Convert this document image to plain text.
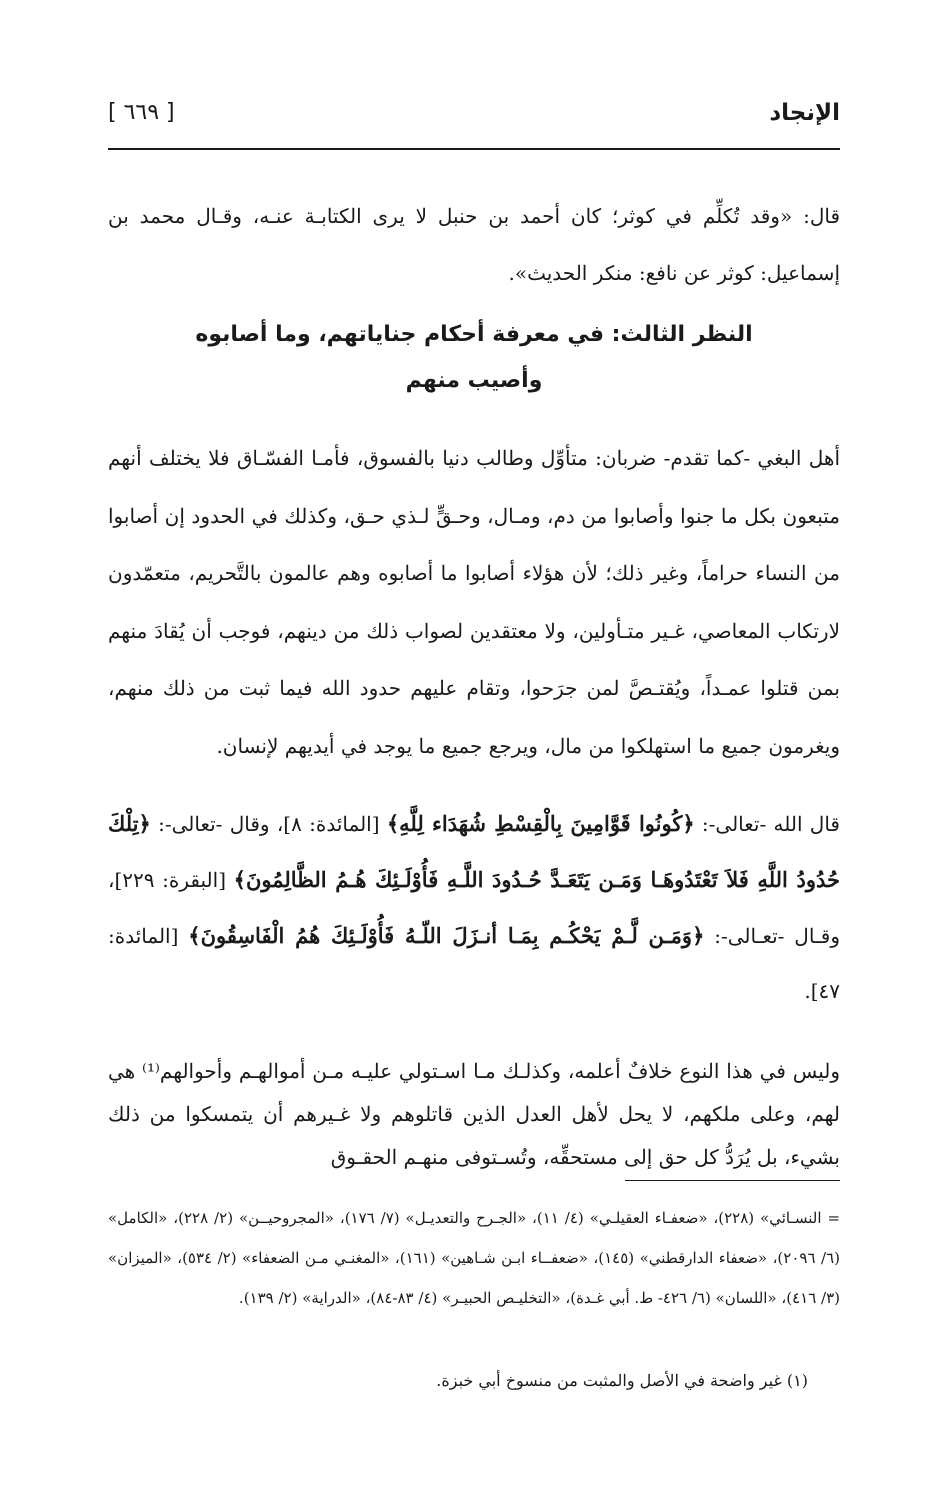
الإنجاد
[ ٦٦٩ ]
قال: «وقد تُكلِّم في كوثر؛ كان أحمد بن حنبل لا يرى الكتابـة عنـه، وقـال محمد بن إسماعيل: كوثر عن نافع: منكر الحديث».
النظر الثالث: في معرفة أحكام جناياتهم، وما أصابوه
وأصيب منهم
أهل البغي -كما تقدم- ضربان: متأوِّل وطالب دنيا بالفسوق، فأمـا الفسّـاق فلا يختلف أنهم متبعون بكل ما جنوا وأصابوا من دم، ومـال، وحـقٍّ لـذي حـق، وكذلك في الحدود إن أصابوا من النساء حراماً، وغير ذلك؛ لأن هؤلاء أصابوا ما أصابوه وهم عالمون بالتَّحريم، متعمّدون لارتكاب المعاصي، غـير متـأولين، ولا معتقدين لصواب ذلك من دينهم، فوجب أن يُقادَ منهم بمن قتلوا عمـداً، ويُقتـصَّ لمن جرَحوا، وتقام عليهم حدود الله فيما ثبت من ذلك منهم، ويغرمون جميع ما استهلكوا من مال، ويرجع جميع ما يوجد في أيديهم لإنسان.
قال الله -تعالى-: ﴿كُونُوا قَوَّامِينَ بِالْقِسْطِ شُهَدَاء لِلَّهِ﴾ [المائدة: ٨]، وقال -تعالى-: ﴿تِلْكَ حُدُودُ اللَّهِ فَلاَ تَعْتَدُوهَـا وَمَـن يَتَعَـدَّ حُـدُودَ اللَّـهِ فَأُوْلَـئِكَ هُـمُ الظَّالِمُونَ﴾ [البقرة: ٢٢٩]، وقـال -تعـالى-: ﴿وَمَـن لَّـمْ يَحْكُـم بِمَـا أنـزَلَ اللّـهُ فَأُوْلَـئِكَ هُمُ الْفَاسِقُونَ﴾ [المائدة: ٤٧].
وليس في هذا النوع خلافٌ أعلمه، وكذلـك مـا اسـتولي عليـه مـن أموالهـم وأحوالهم⁽¹⁾ هي لهم، وعلى ملكهم، لا يحل لأهل العدل الذين قاتلوهم ولا غـيرهم أن يتمسكوا من ذلك بشيء، بل يُرَدُّ كل حق إلى مستحقِّه، وتُسـتوفى منهـم الحقـوق
= النسـائي» (٢٢٨)، «ضعفـاء العقيلـي» (٤/ ١١)، «الجـرح والتعديـل» (٧/ ١٧٦)، «المجروحيــن» (٢/ ٢٢٨)، «الكامل» (٦/ ٢٠٩٦)، «ضعفاء الدارقطني» (١٤٥)، «ضعفــاء ابـن شـاهين» (١٦١)، «المغنـي مـن الضعفاء» (٢/ ٥٣٤)، «الميزان» (٣/ ٤١٦)، «اللسان» (٦/ ٤٢٦- ط. أبي غـدة)، «التخليـص الحبيـر» (٤/ ٨٣-٨٤)، «الدراية» (٢/ ١٣٩).
(١) غير واضحة في الأصل والمثبت من منسوخ أبي خبزة.
